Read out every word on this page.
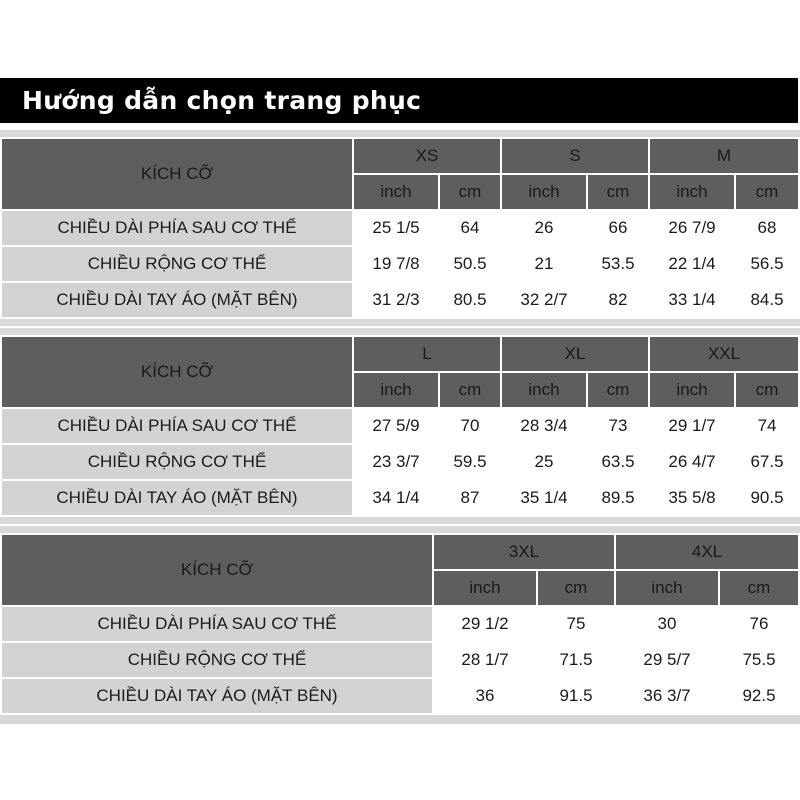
Hướng dẫn chọn trang phục
KÍCH CỠ	XS		S		M	
	inch	cm	inch	cm	inch	cm
CHIỀU DÀI PHÍA SAU CƠ THỂ	25 1/5	64	26	66	26 7/9	68
CHIỀU RỘNG CƠ THỂ	19 7/8	50.5	21	53.5	22 1/4	56.5
CHIỀU DÀI TAY ÁO (MẶT BÊN)	31 2/3	80.5	32 2/7	82	33 1/4	84.5
KÍCH CỠ	L		XL		XXL	
	inch	cm	inch	cm	inch	cm
CHIỀU DÀI PHÍA SAU CƠ THỂ	27 5/9	70	28 3/4	73	29 1/7	74
CHIỀU RỘNG CƠ THỂ	23 3/7	59.5	25	63.5	26 4/7	67.5
CHIỀU DÀI TAY ÁO (MẶT BÊN)	34 1/4	87	35 1/4	89.5	35 5/8	90.5
KÍCH CỠ	3XL		4XL	
	inch	cm	inch	cm
CHIỀU DÀI PHÍA SAU CƠ THỂ	29 1/2	75	30	76
CHIỀU RỘNG CƠ THỂ	28 1/7	71.5	29 5/7	75.5
CHIỀU DÀI TAY ÁO (MẶT BÊN)	36	91.5	36 3/7	92.5
